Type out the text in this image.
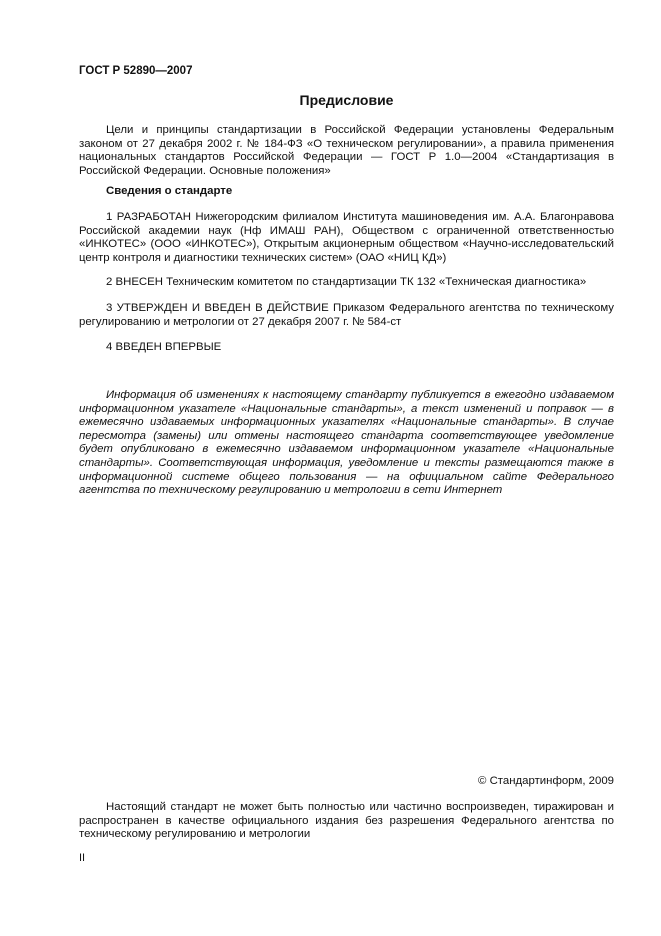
ГОСТ Р 52890—2007
Предисловие
Цели и принципы стандартизации в Российской Федерации установлены Федеральным законом от 27 декабря 2002 г. № 184-ФЗ «О техническом регулировании», а правила применения национальных стандартов Российской Федерации — ГОСТ Р 1.0—2004 «Стандартизация в Российской Федерации. Основные положения»
Сведения о стандарте
1 РАЗРАБОТАН Нижегородским филиалом Института машиноведения им. А.А. Благонравова Российской академии наук (Нф ИМАШ РАН), Обществом с ограниченной ответственностью «ИНКОТЕС» (ООО «ИНКОТЕС»), Открытым акционерным обществом «Научно-исследовательский центр контроля и диагностики технических систем» (ОАО «НИЦ КД»)
2 ВНЕСЕН Техническим комитетом по стандартизации ТК 132 «Техническая диагностика»
3 УТВЕРЖДЕН И ВВЕДЕН В ДЕЙСТВИЕ Приказом Федерального агентства по техническому регулированию и метрологии от 27 декабря 2007 г. № 584-ст
4 ВВЕДЕН ВПЕРВЫЕ
Информация об изменениях к настоящему стандарту публикуется в ежегодно издаваемом информационном указателе «Национальные стандарты», а текст изменений и поправок — в ежемесячно издаваемых информационных указателях «Национальные стандарты». В случае пересмотра (замены) или отмены настоящего стандарта соответствующее уведомление будет опубликовано в ежемесячно издаваемом информационном указателе «Национальные стандарты». Соответствующая информация, уведомление и тексты размещаются также в информационной системе общего пользования — на официальном сайте Федерального агентства по техническому регулированию и метрологии в сети Интернет
© Стандартинформ, 2009
Настоящий стандарт не может быть полностью или частично воспроизведен, тиражирован и распространен в качестве официального издания без разрешения Федерального агентства по техническому регулированию и метрологии
II
